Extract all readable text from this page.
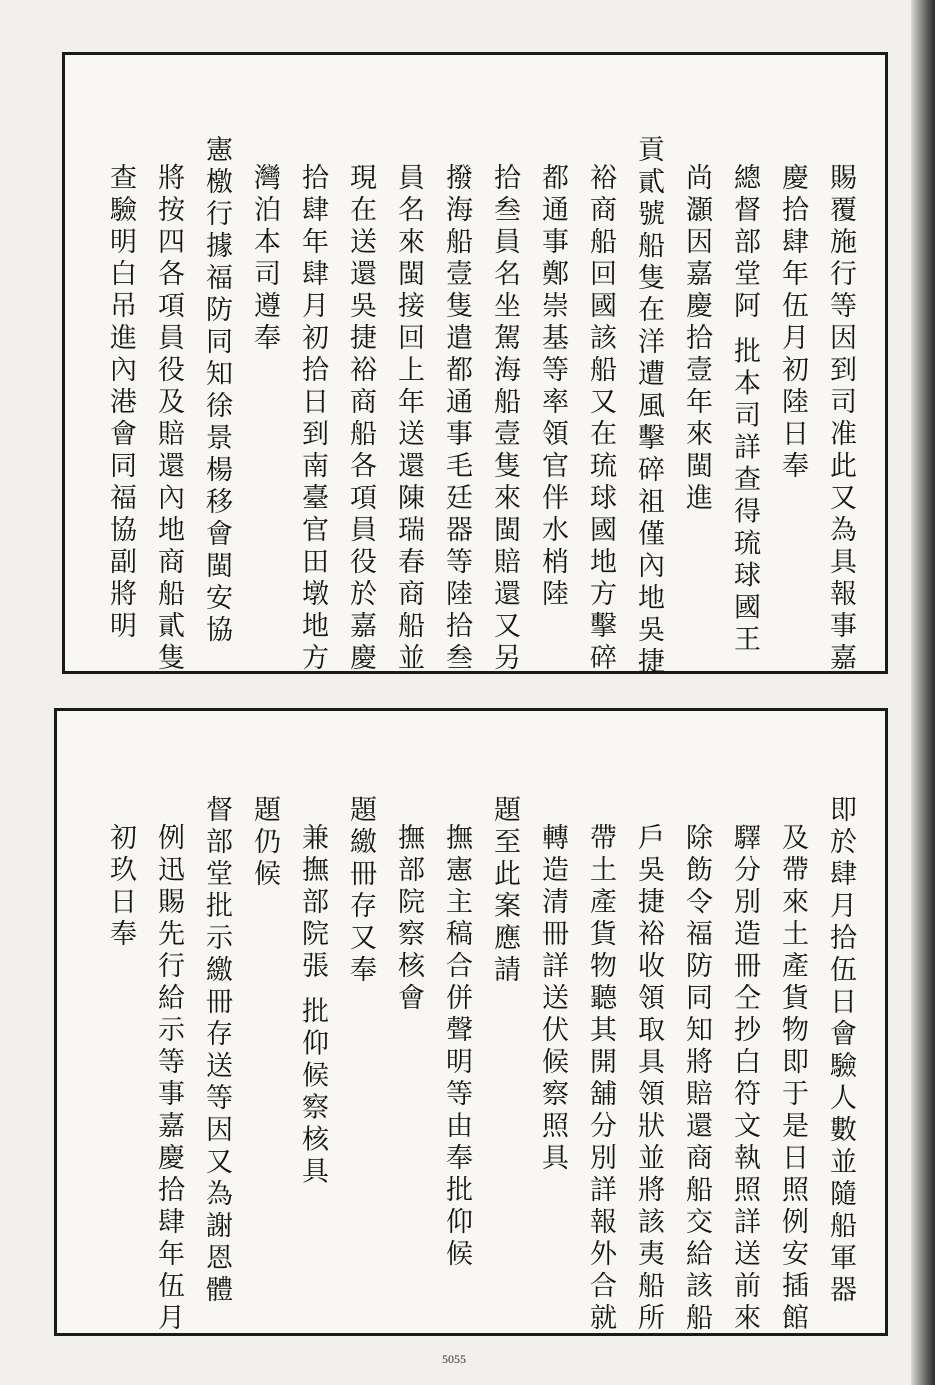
賜覆施行等因到司准此又為具報事嘉
慶拾肆年伍月初陸日奉
總督部堂阿 批本司詳查得琉球國王
尚灝因嘉慶拾壹年來閩進
貢貳號船隻在洋遭風擊碎祖僅內地吳捷
裕商船回國該船又在琉球國地方擊碎
都通事鄭崇基等率領官伴水梢陸
拾叁員名坐駕海船壹隻來閩賠還又另
撥海船壹隻遣都通事毛廷器等陸拾叁
員名來閩接回上年送還陳瑞春商船並
現在送還吳捷裕商船各項員役於嘉慶
拾肆年肆月初拾日到南臺官田墩地方
灣泊本司遵奉
憲檄行據福防同知徐景楊移會閩安協
將按四各項員役及賠還內地商船貳隻
查驗明白吊進內港會同福協副將明
即於肆月拾伍日會驗人數並隨船軍器
及帶來土產貨物即于是日照例安插館
驛分別造冊仝抄白符文執照詳送前來
除飭令福防同知將賠還商船交給該船
戶吳捷裕收領取具領狀並將該夷船所
帶土產貨物聽其開舖分別詳報外合就
轉造清冊詳送伏候察照具
題至此案應請
撫憲主稿合併聲明等由奉批仰候
撫部院察核會
題繳冊存又奉
兼撫部院張 批仰候察核具
題仍候
督部堂批示繳冊存送等因又為謝恩體
例迅賜先行給示等事嘉慶拾肆年伍月
初玖日奉
5055
